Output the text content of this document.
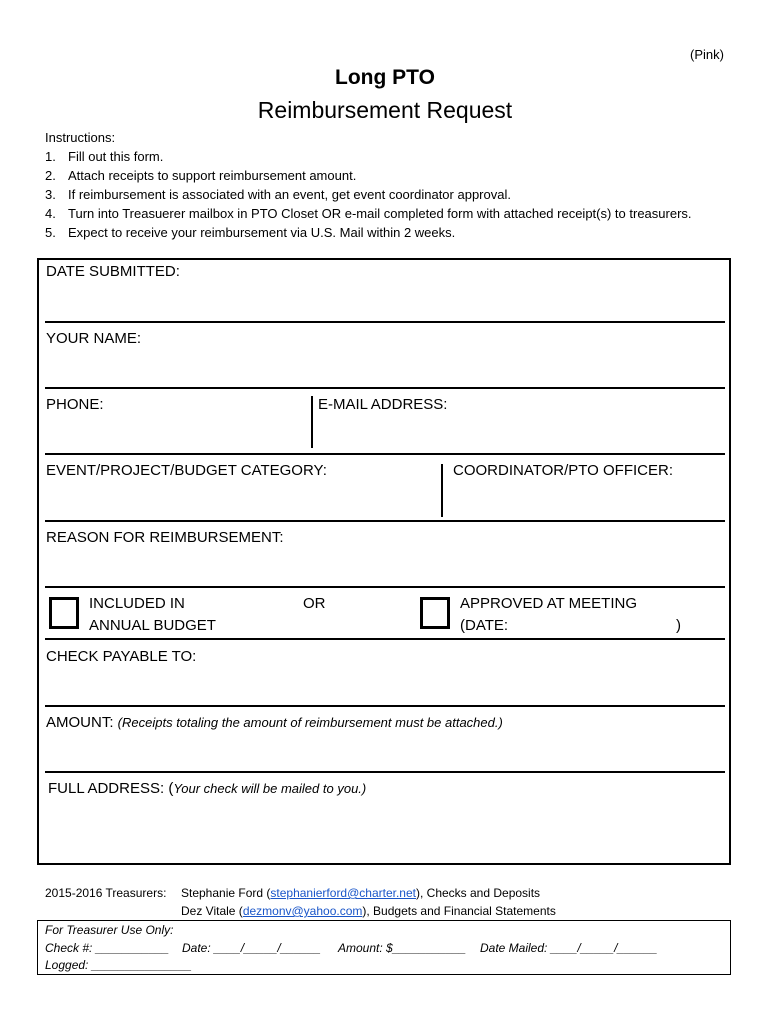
(Pink)
Long PTO
Reimbursement Request
Instructions:
1. Fill out this form.
2. Attach receipts to support reimbursement amount.
3. If reimbursement is associated with an event, get event coordinator approval.
4. Turn into Treasuerer mailbox in PTO Closet OR e-mail completed form with attached receipt(s) to treasurers.
5. Expect to receive your reimbursement via U.S. Mail within 2 weeks.
DATE SUBMITTED:
YOUR NAME:
PHONE:	E-MAIL ADDRESS:
EVENT/PROJECT/BUDGET CATEGORY:	COORDINATOR/PTO OFFICER:
REASON FOR REIMBURSEMENT:
INCLUDED IN
ANNUAL BUDGET
OR	APPROVED AT MEETING
(DATE:	)
CHECK PAYABLE TO:
AMOUNT: (Receipts totaling the amount of reimbursement must be attached.)
FULL ADDRESS: (Your check will be mailed to you.)
2015-2016 Treasurers: Stephanie Ford (stephanierford@charter.net), Checks and Deposits
Dez Vitale (dezmonv@yahoo.com), Budgets and Financial Statements
For Treasurer Use Only:
Check #: ___________ Date: ____/_____/______ Amount: $___________ Date Mailed: ____/_____/______
Logged: _______________
